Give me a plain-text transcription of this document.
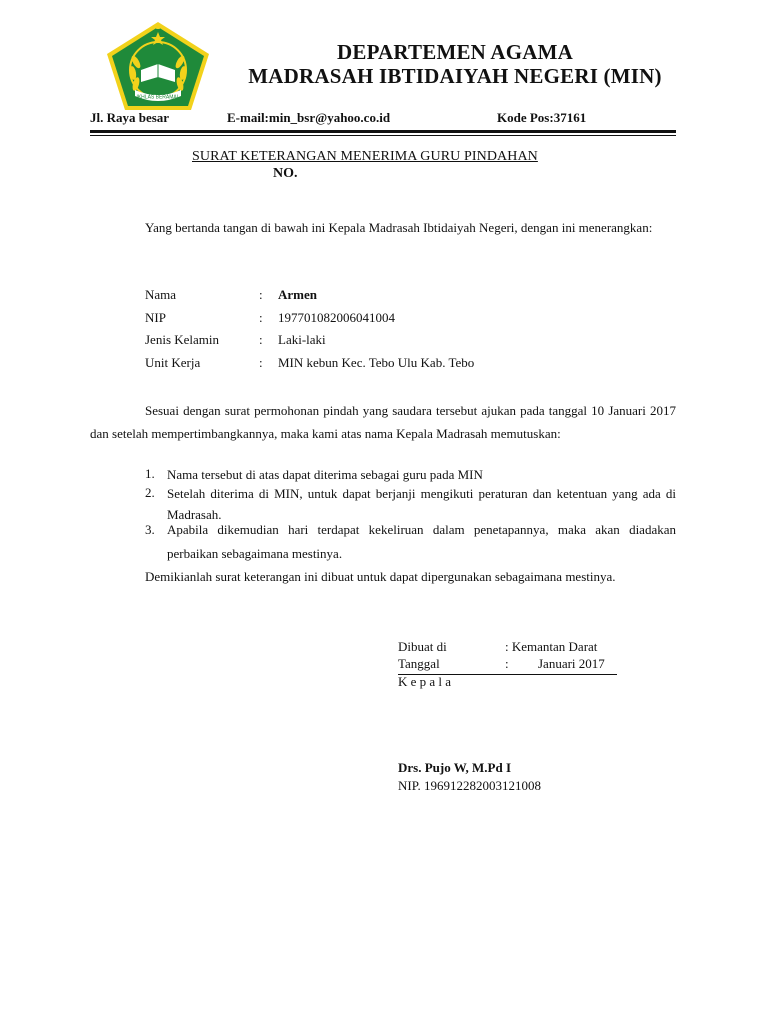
IKHLAS BERAMAL
DEPARTEMEN AGAMA
MADRASAH IBTIDAIYAH NEGERI (MIN)
Jl. Raya besar	E-mail:min_bsr@yahoo.co.id	Kode Pos:37161
SURAT KETERANGAN MENERIMA GURU PINDAHAN
NO.
Yang bertanda tangan di bawah ini Kepala Madrasah Ibtidaiyah Negeri, dengan ini menerangkan:
Nama	: Armen
NIP	: 197701082006041004
Jenis Kelamin	: Laki-laki
Unit Kerja	: MIN kebun Kec. Tebo Ulu Kab. Tebo
Sesuai dengan surat permohonan pindah yang saudara tersebut ajukan pada tanggal 10 Januari 2017 dan setelah mempertimbangkannya, maka kami atas nama Kepala Madrasah memutuskan:
1. Nama tersebut di atas dapat diterima sebagai guru pada MIN
2. Setelah diterima di MIN, untuk dapat berjanji mengikuti peraturan dan ketentuan yang ada di Madrasah.
3. Apabila dikemudian hari terdapat kekeliruan dalam penetapannya, maka akan diadakan perbaikan sebagaimana mestinya.
Demikianlah surat keterangan ini dibuat untuk dapat dipergunakan sebagaimana mestinya.
Dibuat di	: Kemantan Darat
Tanggal	: Januari 2017
K e p a l a
Drs. Pujo W, M.Pd I
NIP. 196912282003121008
